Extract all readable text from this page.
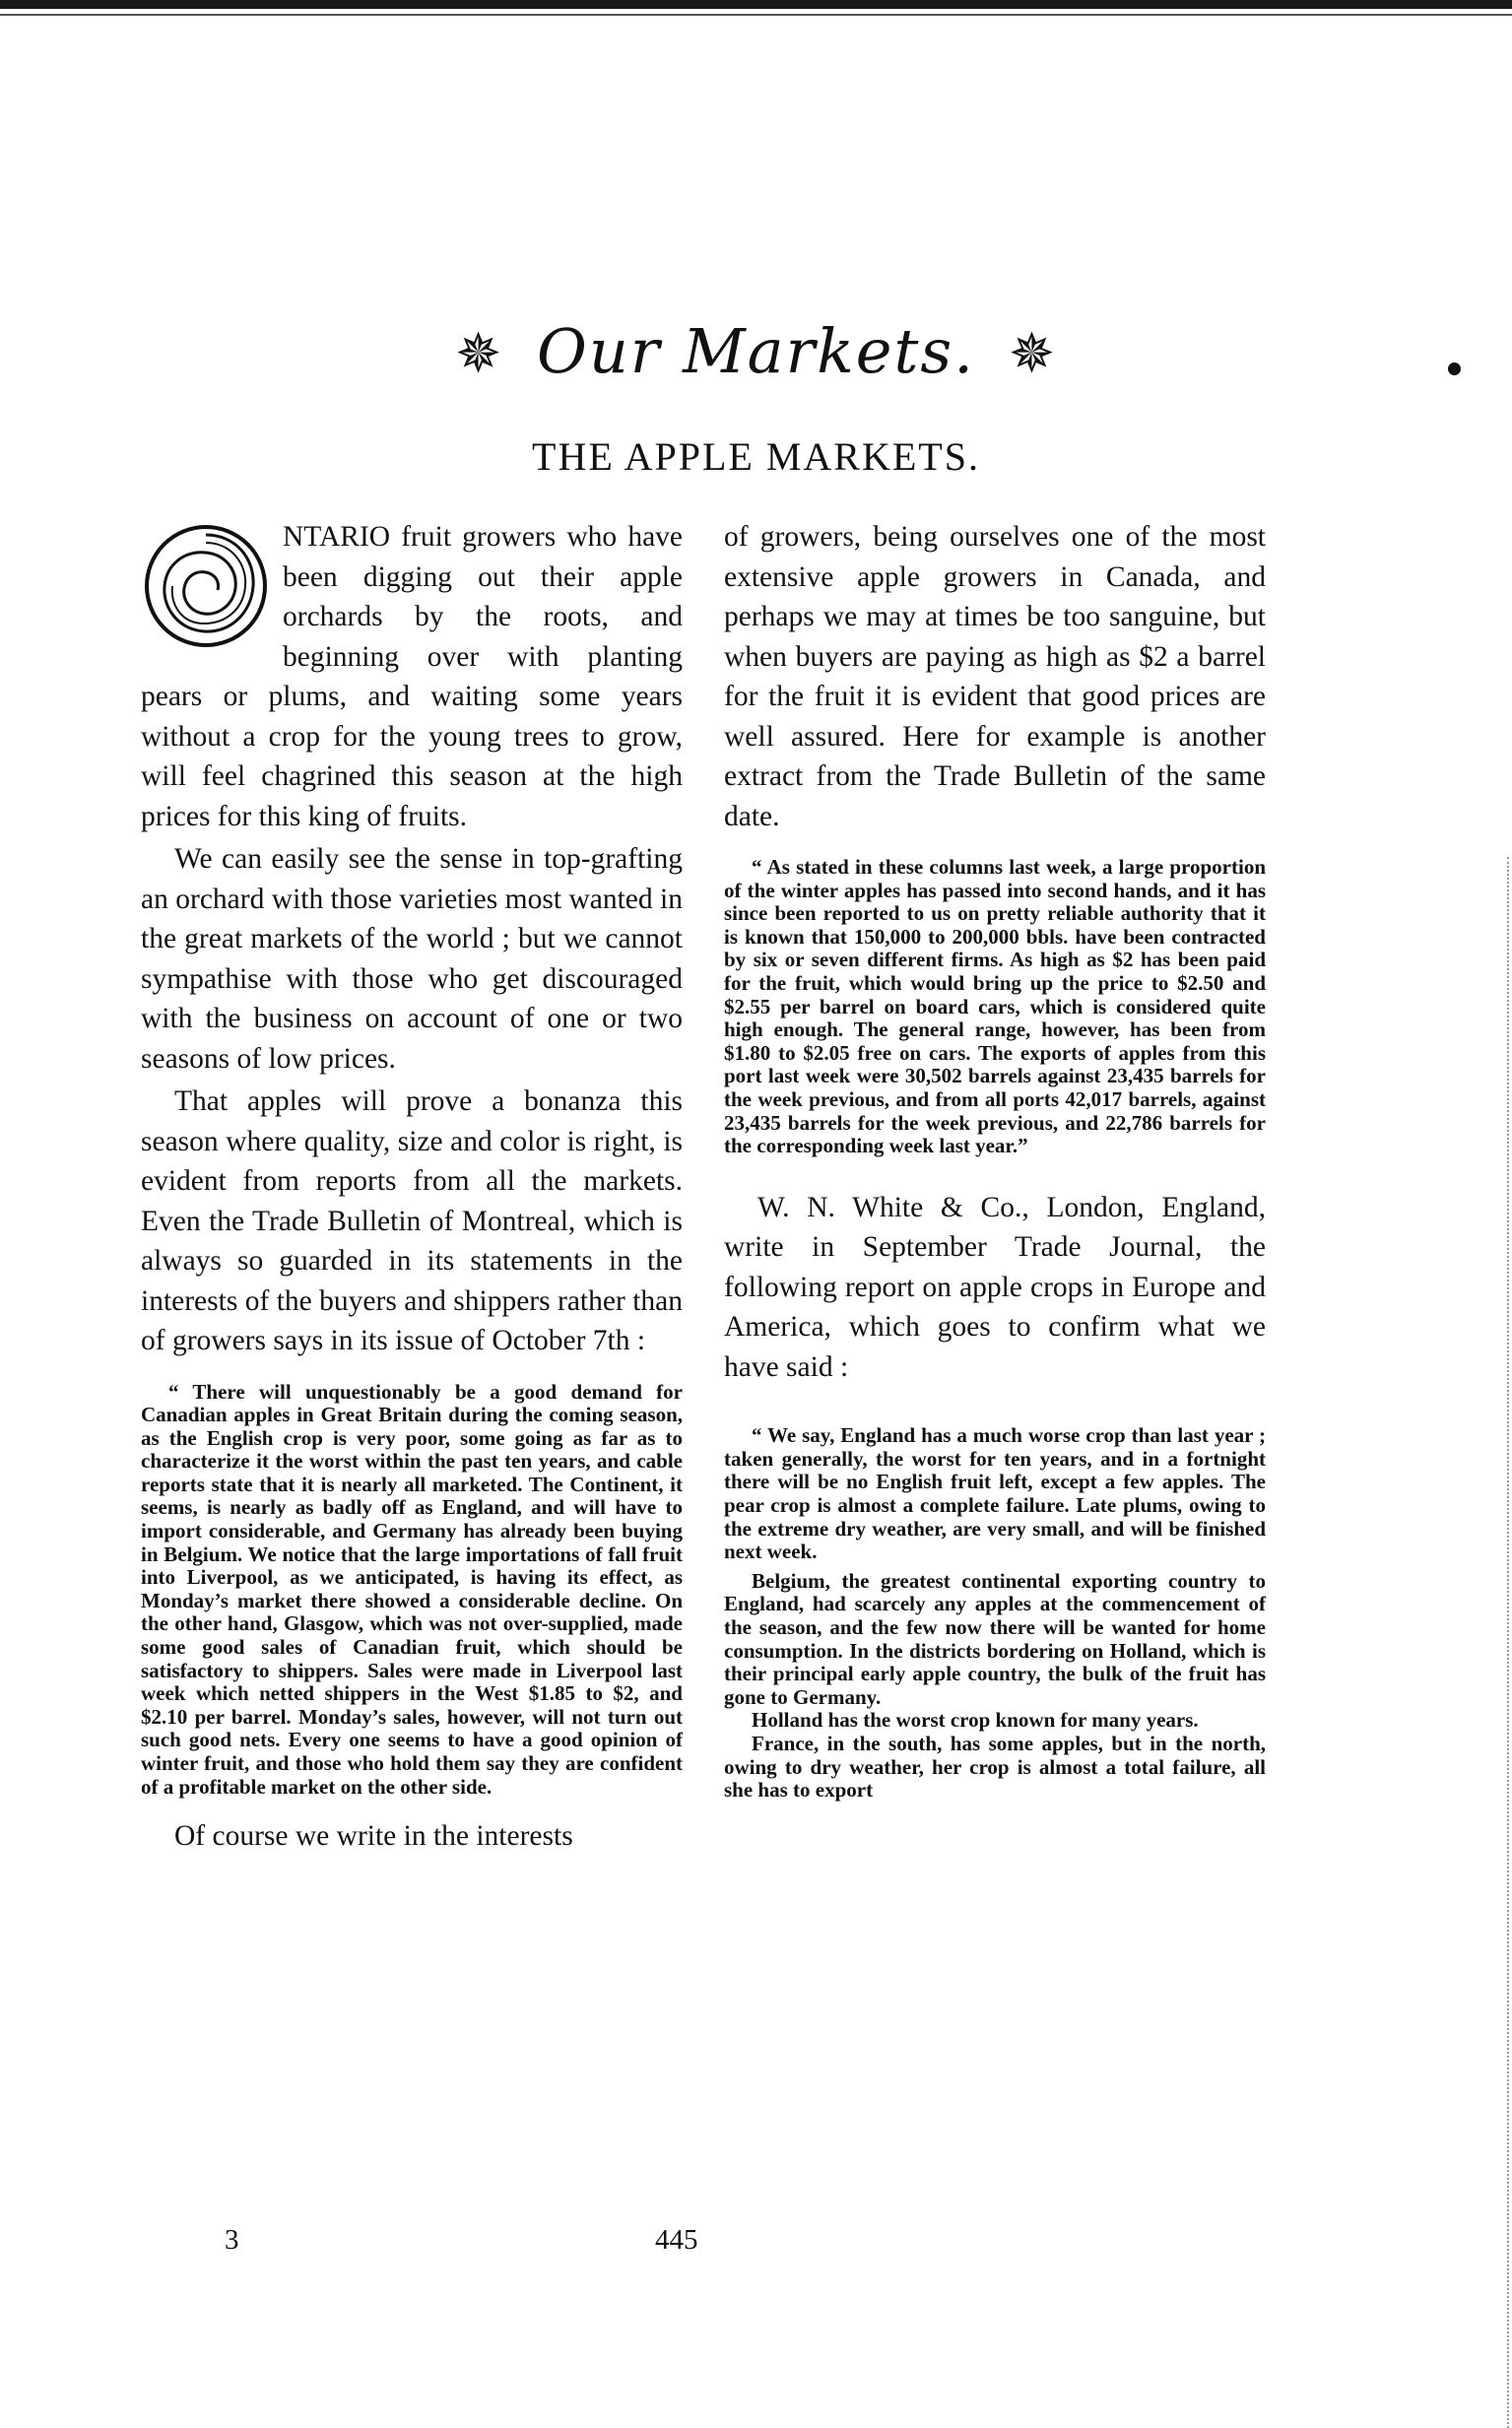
✵ Our Markets. ✵
THE APPLE MARKETS.

NTARIO fruit growers who have been digging out their apple orchards by the roots, and beginning over with planting pears or plums, and waiting some years without a crop for the young trees to grow, will feel chagrined this season at the high prices for this king of fruits.

We can easily see the sense in top-grafting an orchard with those varieties most wanted in the great markets of the world ; but we cannot sympathise with those who get discouraged with the business on account of one or two seasons of low prices.

That apples will prove a bonanza this season where quality, size and color is right, is evident from reports from all the markets. Even the Trade Bulletin of Montreal, which is always so guarded in its statements in the interests of the buyers and shippers rather than of growers says in its issue of October 7th :

“ There will unquestionably be a good demand for Canadian apples in Great Britain during the coming season, as the English crop is very poor, some going as far as to characterize it the worst within the past ten years, and cable reports state that it is nearly all marketed. The Continent, it seems, is nearly as badly off as England, and will have to import considerable, and Germany has already been buying in Belgium. We notice that the large importations of fall fruit into Liverpool, as we anticipated, is having its effect, as Monday’s market there showed a considerable decline. On the other hand, Glasgow, which was not over-supplied, made some good sales of Canadian fruit, which should be satisfactory to shippers. Sales were made in Liverpool last week which netted shippers in the West $1.85 to $2, and $2.10 per barrel. Monday’s sales, however, will not turn out such good nets. Every one seems to have a good opinion of winter fruit, and those who hold them say they are confident of a profitable market on the other side.

Of course we write in the interests

of growers, being ourselves one of the most extensive apple growers in Canada, and perhaps we may at times be too sanguine, but when buyers are paying as high as $2 a barrel for the fruit it is evident that good prices are well assured. Here for example is another extract from the Trade Bulletin of the same date.

“ As stated in these columns last week, a large proportion of the winter apples has passed into second hands, and it has since been reported to us on pretty reliable authority that it is known that 150,000 to 200,000 bbls. have been contracted by six or seven different firms. As high as $2 has been paid for the fruit, which would bring up the price to $2.50 and $2.55 per barrel on board cars, which is considered quite high enough. The general range, however, has been from $1.80 to $2.05 free on cars. The exports of apples from this port last week were 30,502 barrels against 23,435 barrels for the week previous, and from all ports 42,017 barrels, against 23,435 barrels for the week previous, and 22,786 barrels for the corresponding week last year.”

W. N. White & Co., London, England, write in September Trade Journal, the following report on apple crops in Europe and America, which goes to confirm what we have said :

“ We say, England has a much worse crop than last year ; taken generally, the worst for ten years, and in a fortnight there will be no English fruit left, except a few apples. The pear crop is almost a complete failure. Late plums, owing to the extreme dry weather, are very small, and will be finished next week.

Belgium, the greatest continental exporting country to England, had scarcely any apples at the commencement of the season, and the few now there will be wanted for home consumption. In the districts bordering on Holland, which is their principal early apple country, the bulk of the fruit has gone to Germany.

Holland has the worst crop known for many years.

France, in the south, has some apples, but in the north, owing to dry weather, her crop is almost a total failure, all she has to export

3	445
